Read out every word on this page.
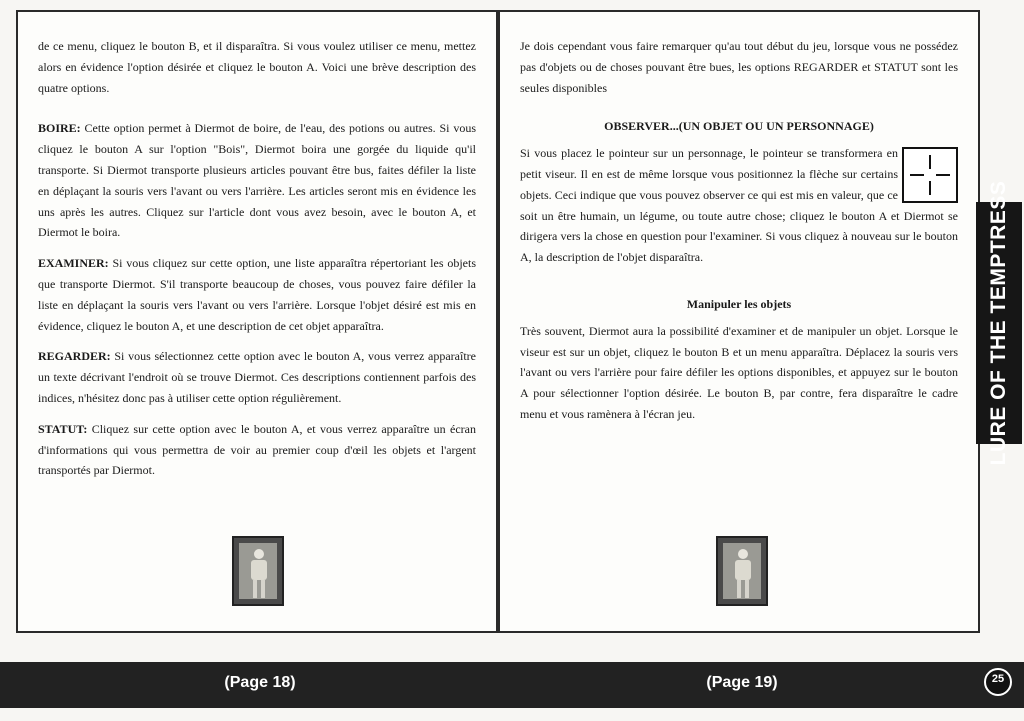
de ce menu, cliquez le bouton B, et il disparaîtra. Si vous voulez utiliser ce menu, mettez alors en évidence l'option désirée et cliquez le bouton A. Voici une brève description des quatre options.

BOIRE: Cette option permet à Diermot de boire, de l'eau, des potions ou autres. Si vous cliquez le bouton A sur l'option "Bois", Diermot boira une gorgée du liquide qu'il transporte. Si Diermot transporte plusieurs articles pouvant être bus, faites défiler la liste en déplaçant la souris vers l'avant ou vers l'arrière. Les articles seront mis en évidence les uns après les autres. Cliquez sur l'article dont vous avez besoin, avec le bouton A, et Diermot le boira.

EXAMINER: Si vous cliquez sur cette option, une liste apparaîtra répertoriant les objets que transporte Diermot. S'il transporte beaucoup de choses, vous pouvez faire défiler la liste en déplaçant la souris vers l'avant ou vers l'arrière. Lorsque l'objet désiré est mis en évidence, cliquez le bouton A, et une description de cet objet apparaîtra.

REGARDER: Si vous sélectionnez cette option avec le bouton A, vous verrez apparaître un texte décrivant l'endroit où se trouve Diermot. Ces descriptions contiennent parfois des indices, n'hésitez donc pas à utiliser cette option régulièrement.

STATUT: Cliquez sur cette option avec le bouton A, et vous verrez apparaître un écran d'informations qui vous permettra de voir au premier coup d'œil les objets et l'argent transportés par Diermot.

Je dois cependant vous faire remarquer qu'au tout début du jeu, lorsque vous ne possédez pas d'objets ou de choses pouvant être bues, les options REGARDER et STATUT sont les seules disponibles

OBSERVER...(UN OBJET OU UN PERSONNAGE)

Si vous placez le pointeur sur un personnage, le pointeur se transformera en petit viseur. Il en est de même lorsque vous positionnez la flèche sur certains objets. Ceci indique que vous pouvez observer ce qui est mis en valeur, que ce soit un être humain, un légume, ou toute autre chose; cliquez le bouton A et Diermot se dirigera vers la chose en question pour l'examiner. Si vous cliquez à nouveau sur le bouton A, la description de l'objet disparaîtra.

Manipuler les objets

Très souvent, Diermot aura la possibilité d'examiner et de manipuler un objet. Lorsque le viseur est sur un objet, cliquez le bouton B et un menu apparaîtra. Déplacez la souris vers l'avant ou vers l'arrière pour faire défiler les options disponibles, et appuyez sur le bouton A pour sélectionner l'option désirée. Le bouton B, par contre, fera disparaître le cadre menu et vous ramènera à l'écran jeu.	LURE OF THE TEMPTRESS
(Page 18)	(Page 19)	25
